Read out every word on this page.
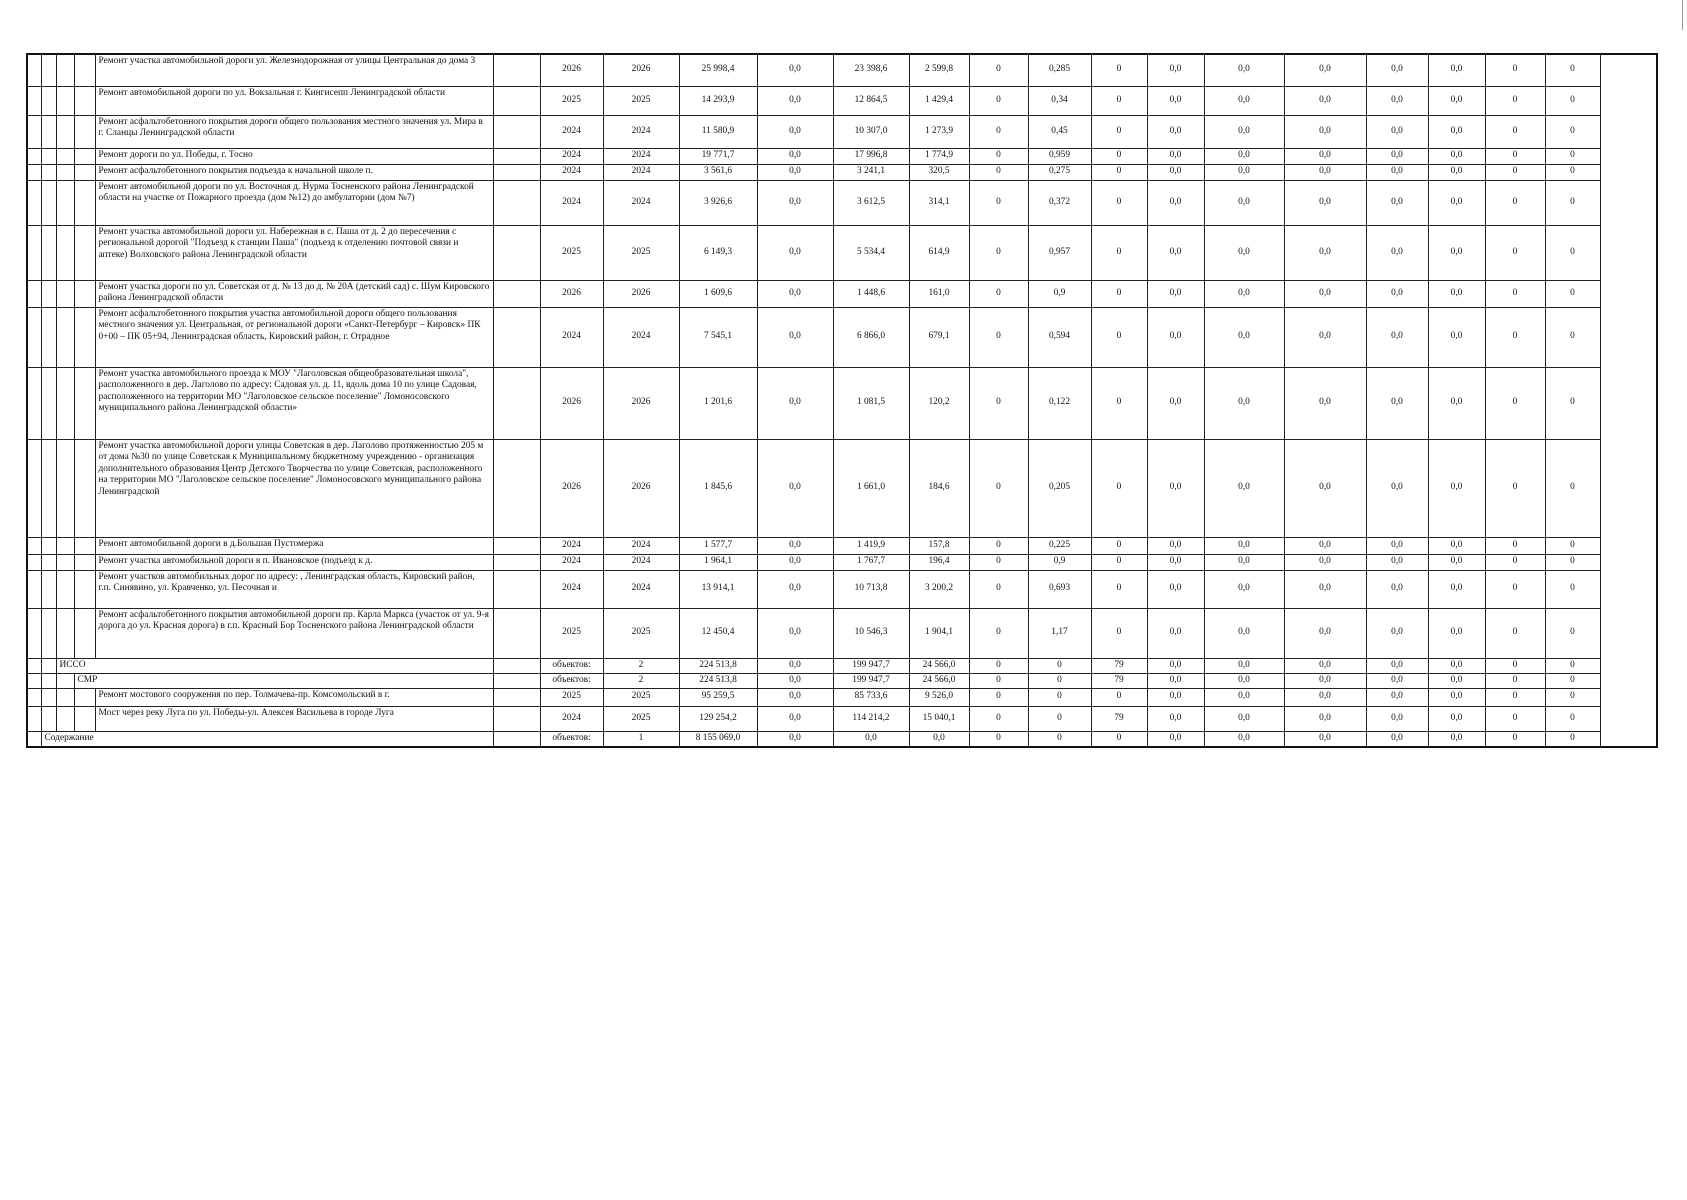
				Ремонт участка автомобильной дороги ул. Железнодорожная от улицы Центральная до дома 3		2026	2026	25 998,4	0,0	23 398,6	2 599,8	0	0,285	0	0,0	0,0	0,0	0,0	0,0	0	0
				Ремонт автомобильной дороги по ул. Вокзальная г. Кингисепп Ленинградской области		2025	2025	14 293,9	0,0	12 864,5	1 429,4	0	0,34	0	0,0	0,0	0,0	0,0	0,0	0	0
				Ремонт асфальтобетонного покрытия дороги общего пользования местного значения ул. Мира в г. Сланцы Ленинградской области		2024	2024	11 580,9	0,0	10 307,0	1 273,9	0	0,45	0	0,0	0,0	0,0	0,0	0,0	0	0
				Ремонт дороги по ул. Победы, г. Тосно		2024	2024	19 771,7	0,0	17 996,8	1 774,9	0	0,959	0	0,0	0,0	0,0	0,0	0,0	0	0
				Ремонт асфальтобетонного покрытия подъезда к начальной школе п.		2024	2024	3 561,6	0,0	3 241,1	320,5	0	0,275	0	0,0	0,0	0,0	0,0	0,0	0	0
				Ремонт автомобильной дороги по ул. Восточная д. Нурма Тосненского района Ленинградской области на участке от Пожарного проезда (дом №12) до амбулатории (дом №7)		2024	2024	3 926,6	0,0	3 612,5	314,1	0	0,372	0	0,0	0,0	0,0	0,0	0,0	0	0
				Ремонт участка автомобильной дороги ул. Набережная в с. Паша от д. 2 до пересечения с региональной дорогой "Подъезд к станции Паша" (подъезд к отделению почтовой связи и аптеке) Волховского района Ленинградской области		2025	2025	6 149,3	0,0	5 534,4	614,9	0	0,957	0	0,0	0,0	0,0	0,0	0,0	0	0
				Ремонт участка дороги по ул. Советская от д. № 13 до д. № 20А (детский сад) с. Шум Кировского района Ленинградской области		2026	2026	1 609,6	0,0	1 448,6	161,0	0	0,9	0	0,0	0,0	0,0	0,0	0,0	0	0
				Ремонт асфальтобетонного покрытия участка автомобильной дороги общего пользования местного значения ул. Центральная, от региональной дороги «Санкт-Петербург – Кировск» ПК 0+00 – ПК 05+94, Ленинградская область, Кировский район, г. Отрадное		2024	2024	7 545,1	0,0	6 866,0	679,1	0	0,594	0	0,0	0,0	0,0	0,0	0,0	0	0
				Ремонт участка автомобильного проезда к МОУ "Лаголовская общеобразовательная школа", расположенного в дер. Лаголово по адресу: Садовая ул. д. 11, вдоль дома 10 по улице Садовая, расположенного на территории МО "Лаголовское сельское поселение" Ломоносовского муниципального района Ленинградской области»		2026	2026	1 201,6	0,0	1 081,5	120,2	0	0,122	0	0,0	0,0	0,0	0,0	0,0	0	0
				Ремонт участка автомобильной дороги улицы Советская в дер. Лаголово протяженностью 205 м от дома №30 по улице Советская к Муниципальному бюджетному учреждению - организация дополнительного образования Центр Детского Творчества по улице Советская, расположенного на территории МО "Лаголовское сельское поселение" Ломоносовского муниципального района Ленинградской		2026	2026	1 845,6	0,0	1 661,0	184,6	0	0,205	0	0,0	0,0	0,0	0,0	0,0	0	0
				Ремонт автомобильной дороги в д.Большая Пустомержа		2024	2024	1 577,7	0,0	1 419,9	157,8	0	0,225	0	0,0	0,0	0,0	0,0	0,0	0	0
				Ремонт участка автомобильной дороги в п. Ивановское (подъезд к д.		2024	2024	1 964,1	0,0	1 767,7	196,4	0	0,9	0	0,0	0,0	0,0	0,0	0,0	0	0
				Ремонт участков автомобильных дорог по адресу: , Ленинградская область, Кировский район, г.п. Синявино, ул. Кравченко, ул. Песочная и		2024	2024	13 914,1	0,0	10 713,8	3 200,2	0	0,693	0	0,0	0,0	0,0	0,0	0,0	0	0
				Ремонт асфальтобетонного покрытия автомобильной дороги пр. Карла Маркса (участок от ул. 9-я дорога до ул. Красная дорога) в г.п. Красный Бор Тосненского района Ленинградской области		2025	2025	12 450,4	0,0	10 546,3	1 904,1	0	1,17	0	0,0	0,0	0,0	0,0	0,0	0	0
		ИССО				объектов:	2	224 513,8	0,0	199 947,7	24 566,0	0	0	79	0,0	0,0	0,0	0,0	0,0	0	0
			СМР			объектов:	2	224 513,8	0,0	199 947,7	24 566,0	0	0	79	0,0	0,0	0,0	0,0	0,0	0	0
				Ремонт мостового сооружения по пер. Толмачева-пр. Комсомольский в г.		2025	2025	95 259,5	0,0	85 733,6	9 526,0	0	0	0	0,0	0,0	0,0	0,0	0,0	0	0
				Мост через реку Луга по ул. Победы-ул. Алексея Васильева в городе Луга		2024	2025	129 254,2	0,0	114 214,2	15 040,1	0	0	79	0,0	0,0	0,0	0,0	0,0	0	0
	Содержание					объектов:	1	8 155 069,0	0,0	0,0	0,0	0	0	0	0,0	0,0	0,0	0,0	0,0	0	0
